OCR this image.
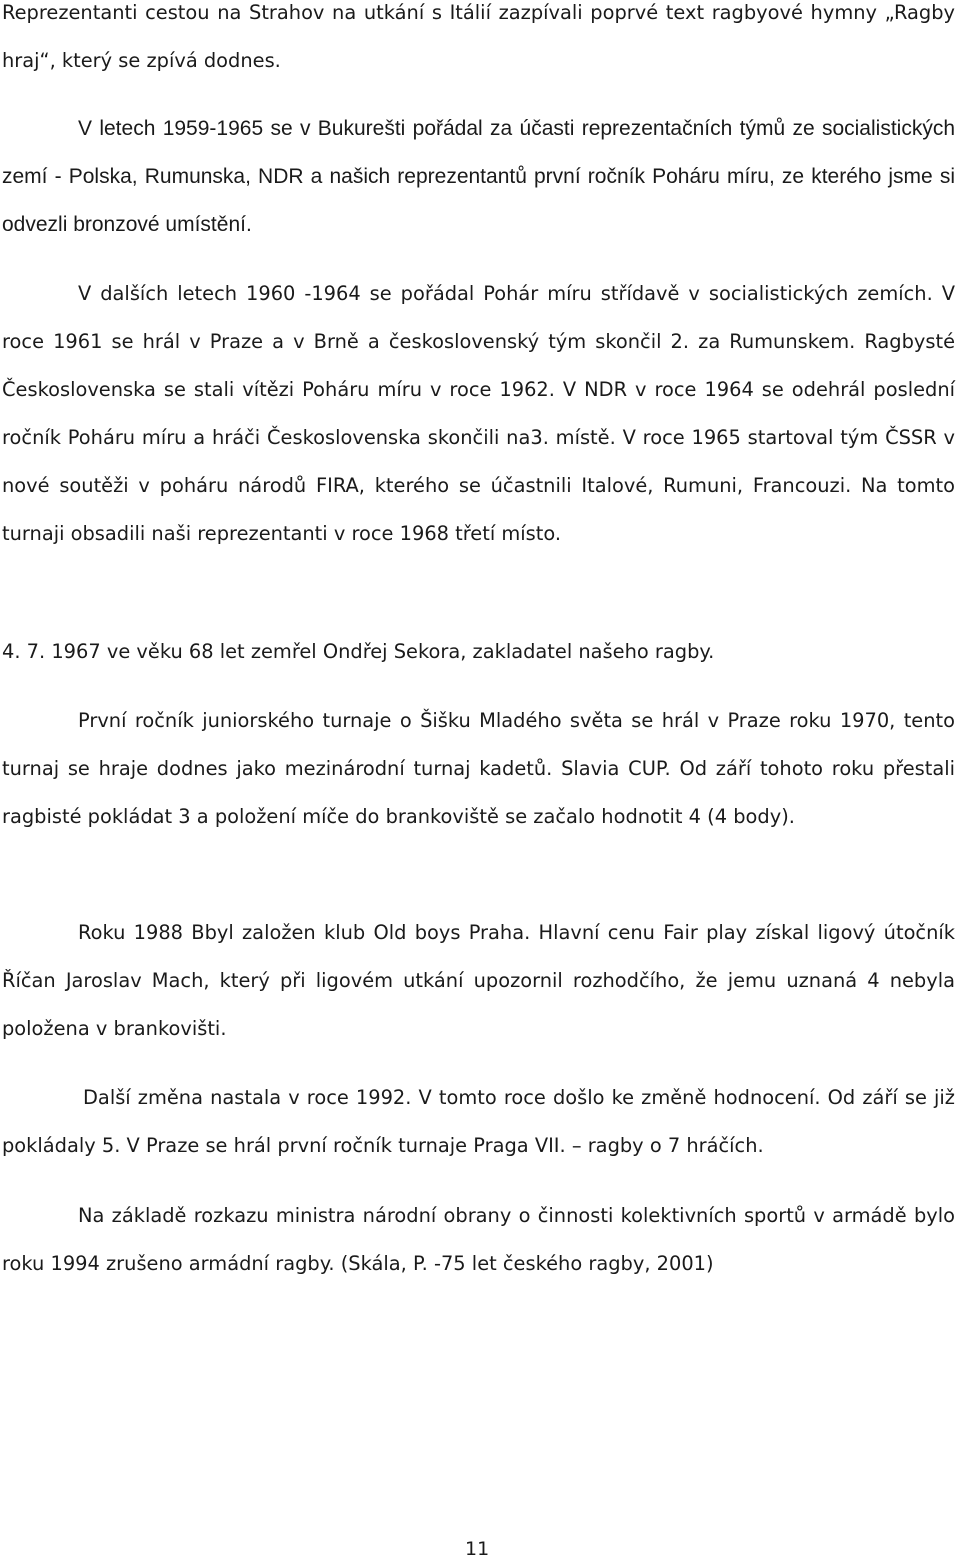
Reprezentanti cestou na Strahov na utkání s Itálií zazpívali poprvé text ragbyové hymny „Ragby hraj“, který se zpívá dodnes.

V letech 1959-1965 se v Bukurešti pořádal za účasti reprezentačních týmů ze socialistických zemí - Polska, Rumunska, NDR a našich reprezentantů první ročník Poháru míru, ze kterého jsme si odvezli bronzové umístění.

V dalších letech 1960 -1964 se pořádal Pohár míru střídavě v socialistických zemích. V roce 1961 se hrál v Praze a v Brně a československý tým skončil 2. za Rumunskem. Ragbysté Československa se stali vítězi Poháru míru v roce 1962. V NDR v roce 1964 se odehrál poslední ročník Poháru míru a hráči Československa skončili na3. místě. V roce 1965 startoval tým ČSSR v nové soutěži v poháru národů FIRA, kterého se účastnili Italové, Rumuni, Francouzi. Na tomto turnaji obsadili naši reprezentanti v roce 1968 třetí místo.

4. 7. 1967 ve věku 68 let zemřel Ondřej Sekora, zakladatel našeho ragby.

První ročník juniorského turnaje o Šišku Mladého světa se hrál v Praze roku 1970, tento turnaj se hraje dodnes jako mezinárodní turnaj kadetů. Slavia CUP. Od září tohoto roku přestali ragbisté pokládat 3 a položení míče do brankoviště se začalo hodnotit 4 (4 body).

Roku 1988 Bbyl založen klub Old boys Praha. Hlavní cenu Fair play získal ligový útočník Říčan Jaroslav Mach, který při ligovém utkání upozornil rozhodčího, že jemu uznaná 4 nebyla položena v brankovišti.

Další změna nastala v roce 1992. V tomto roce došlo ke změně hodnocení. Od září se již pokládaly 5. V Praze se hrál první ročník turnaje Praga VII. – ragby o 7 hráčích.

Na základě rozkazu ministra národní obrany o činnosti kolektivních sportů v armádě bylo roku 1994 zrušeno armádní ragby. (Skála, P. -75 let českého ragby, 2001)

11
